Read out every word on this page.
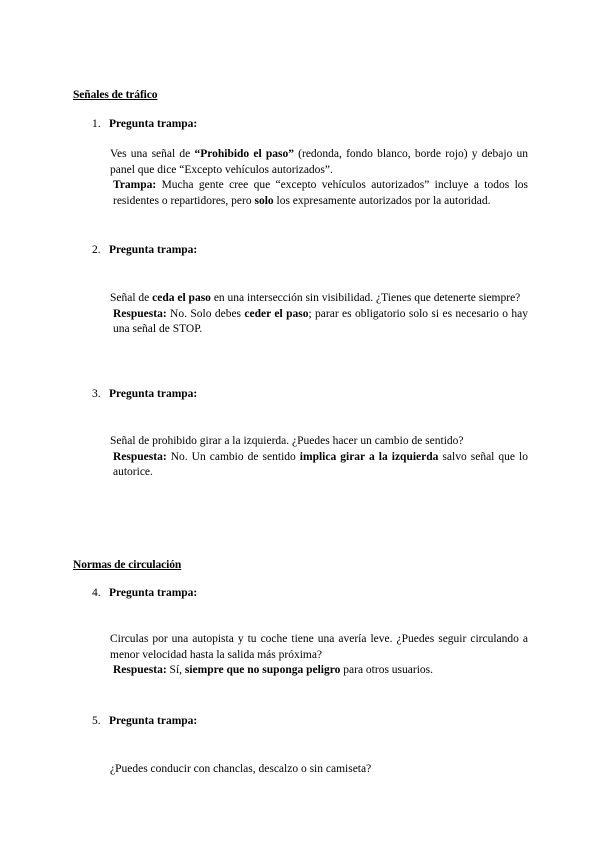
Señales de tráfico
1. Pregunta trampa:

Ves una señal de “Prohibido el paso” (redonda, fondo blanco, borde rojo) y debajo un panel que dice “Excepto vehículos autorizados”.

Trampa: Mucha gente cree que “excepto vehículos autorizados” incluye a todos los residentes o repartidores, pero solo los expresamente autorizados por la autoridad.

2. Pregunta trampa:

Señal de ceda el paso en una intersección sin visibilidad. ¿Tienes que detenerte siempre?

Respuesta: No. Solo debes ceder el paso; parar es obligatorio solo si es necesario o hay una señal de STOP.

3. Pregunta trampa:

Señal de prohibido girar a la izquierda. ¿Puedes hacer un cambio de sentido?

Respuesta: No. Un cambio de sentido implica girar a la izquierda salvo señal que lo autorice.

Normas de circulación
4. Pregunta trampa:

Circulas por una autopista y tu coche tiene una avería leve. ¿Puedes seguir circulando a menor velocidad hasta la salida más próxima?

Respuesta: Sí, siempre que no suponga peligro para otros usuarios.

5. Pregunta trampa:

¿Puedes conducir con chanclas, descalzo o sin camiseta?
